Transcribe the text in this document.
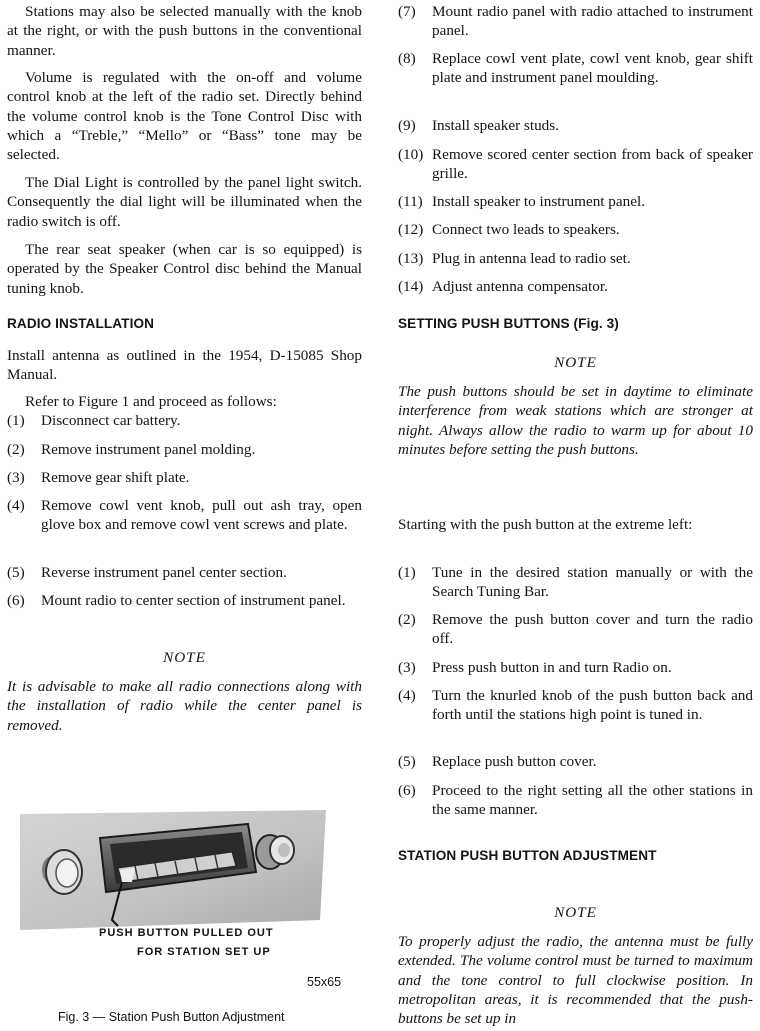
Stations may also be selected manually with the knob at the right, or with the push buttons in the conventional manner.

Volume is regulated with the on-off and volume control knob at the left of the radio set. Directly behind the volume control knob is the Tone Control Disc with which a “Treble,” “Mello” or “Bass” tone may be selected.

The Dial Light is controlled by the panel light switch. Consequently the dial light will be illuminated when the radio switch is off.

The rear seat speaker (when car is so equipped) is operated by the Speaker Control disc behind the Manual tuning knob.

RADIO INSTALLATION

Install antenna as outlined in the 1954, D-15085 Shop Manual.

Refer to Figure 1 and proceed as follows:

(1) Disconnect car battery.
(2) Remove instrument panel molding.
(3) Remove gear shift plate.
(4) Remove cowl vent knob, pull out ash tray, open glove box and remove cowl vent screws and plate.
(5) Reverse instrument panel center section.
(6) Mount radio to center section of instrument panel.

NOTE

It is advisable to make all radio connections along with the installation of radio while the center panel is removed.

PUSH BUTTON PULLED OUT

FOR STATION SET UP

55x65

Fig. 3 — Station Push Button Adjustment

(7) Mount radio panel with radio attached to instrument panel.
(8) Replace cowl vent plate, cowl vent knob, gear shift plate and instrument panel moulding.
(9) Install speaker studs.
(10) Remove scored center section from back of speaker grille.
(11) Install speaker to instrument panel.
(12) Connect two leads to speakers.
(13) Plug in antenna lead to radio set.
(14) Adjust antenna compensator.
SETTING PUSH BUTTONS (Fig. 3)

NOTE

The push buttons should be set in daytime to eliminate interference from weak stations which are stronger at night. Always allow the radio to warm up for about 10 minutes before setting the push buttons.

Starting with the push button at the extreme left:

(1) Tune in the desired station manually or with the Search Tuning Bar.
(2) Remove the push button cover and turn the radio off.
(3) Press push button in and turn Radio on.
(4) Turn the knurled knob of the push button back and forth until the stations high point is tuned in.
(5) Replace push button cover.
(6) Proceed to the right setting all the other stations in the same manner.
STATION PUSH BUTTON ADJUSTMENT

NOTE

To properly adjust the radio, the antenna must be fully extended. The volume control must be turned to maximum and the tone control to full clockwise position. In metropolitan areas, it is recommended that the push-buttons be set up in
